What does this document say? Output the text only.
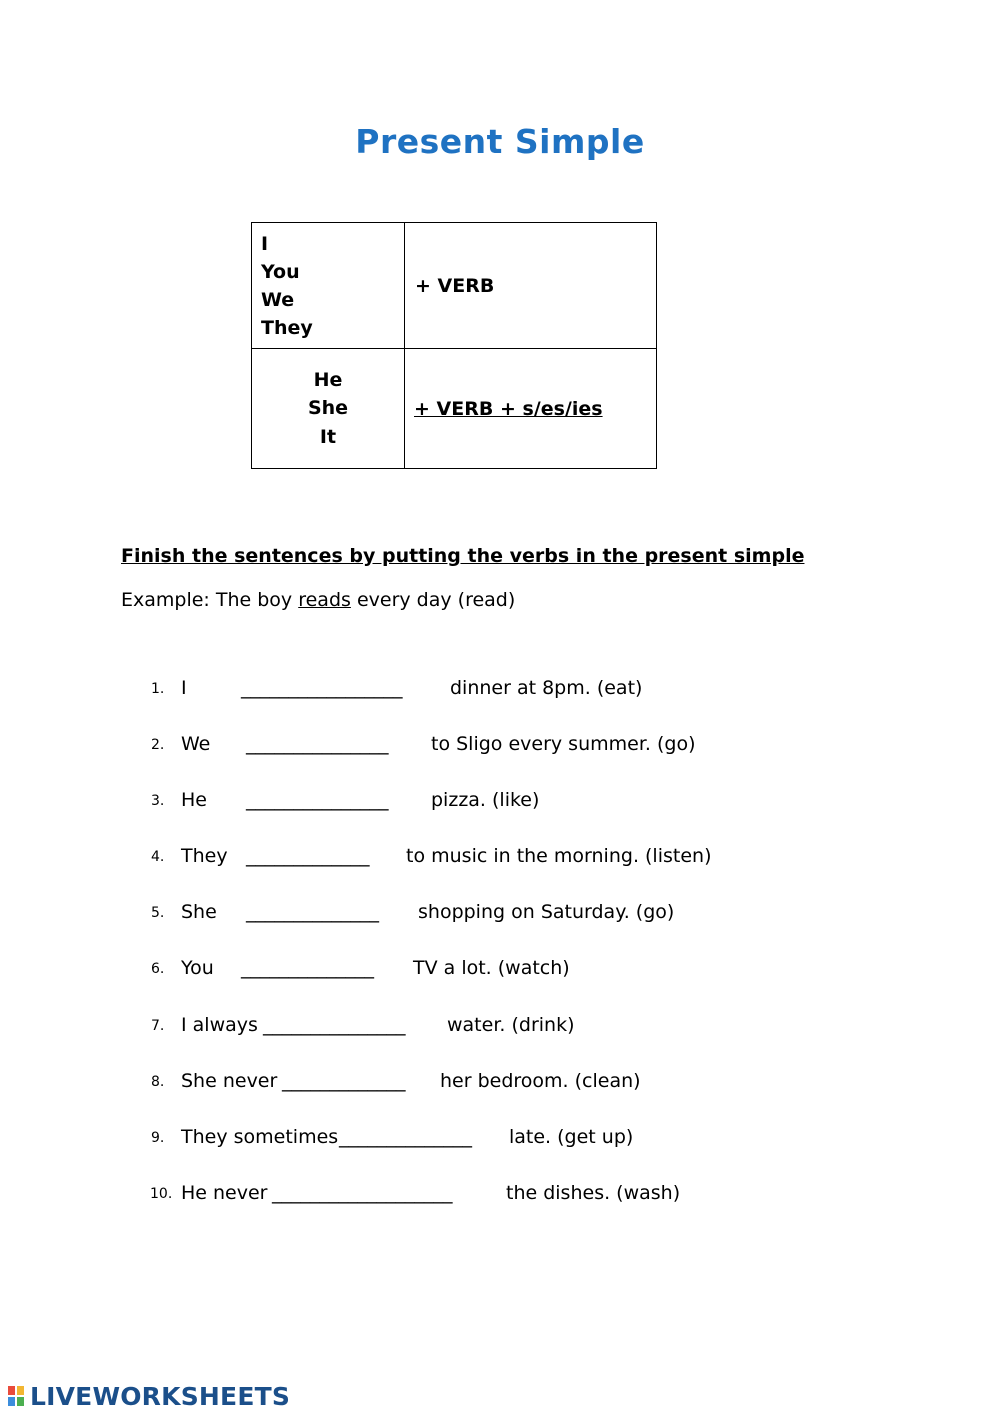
Present Simple
I
You
We
They	+ VERB

He
She
It	+ VERB + s/es/ies
Finish the sentences by putting the verbs in the present simple
Example: The boy reads every day (read)
1. I	_________________	dinner at 8pm. (eat)
2. We _______________ to Sligo every summer. (go)
3. He _______________ pizza. (like)
4. They _____________ to music in the morning. (listen)
5. She ______________ shopping on Saturday. (go)
6. You ______________ TV a lot. (watch)
7. I always _______________ water. (drink)
8. She never _____________ her bedroom. (clean)
9. They sometimes ______________ late. (get up)
10. He never ___________________	the dishes. (wash)
LIVEWORKSHEETS
